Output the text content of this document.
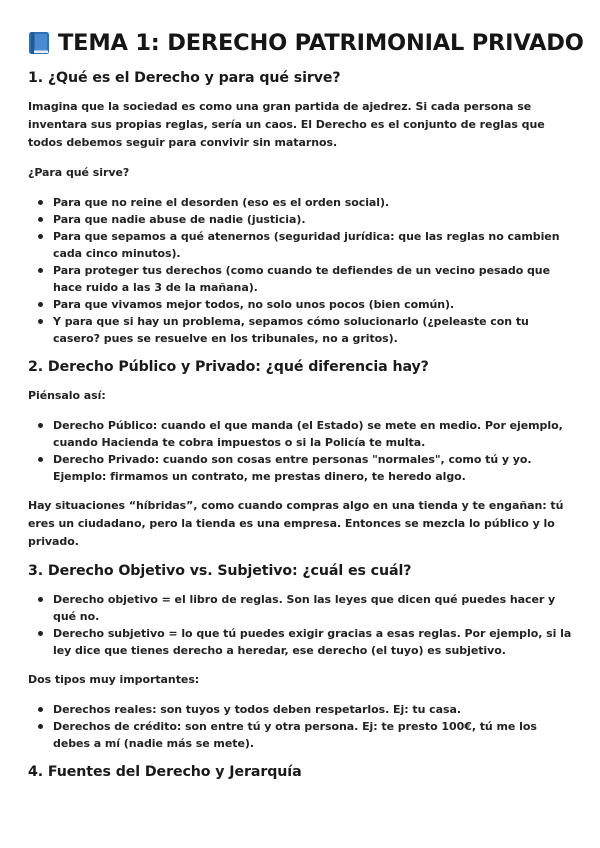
TEMA 1: DERECHO PATRIMONIAL PRIVADO
1. ¿Qué es el Derecho y para qué sirve?

Imagina que la sociedad es como una gran partida de ajedrez. Si cada persona se inventara sus propias reglas, sería un caos. El Derecho es el conjunto de reglas que todos debemos seguir para convivir sin matarnos.

¿Para qué sirve?

Para que no reine el desorden (eso es el orden social).
Para que nadie abuse de nadie (justicia).
Para que sepamos a qué atenernos (seguridad jurídica: que las reglas no cambien cada cinco minutos).
Para proteger tus derechos (como cuando te defiendes de un vecino pesado que hace ruido a las 3 de la mañana).
Para que vivamos mejor todos, no solo unos pocos (bien común).
Y para que si hay un problema, sepamos cómo solucionarlo (¿peleaste con tu casero? pues se resuelve en los tribunales, no a gritos).
2. Derecho Público y Privado: ¿qué diferencia hay?

Piénsalo así:

Derecho Público: cuando el que manda (el Estado) se mete en medio. Por ejemplo, cuando Hacienda te cobra impuestos o si la Policía te multa.
Derecho Privado: cuando son cosas entre personas "normales", como tú y yo. Ejemplo: firmamos un contrato, me prestas dinero, te heredo algo.

Hay situaciones “híbridas”, como cuando compras algo en una tienda y te engañan: tú eres un ciudadano, pero la tienda es una empresa. Entonces se mezcla lo público y lo privado.

3. Derecho Objetivo vs. Subjetivo: ¿cuál es cuál?
Derecho objetivo = el libro de reglas. Son las leyes que dicen qué puedes hacer y qué no.
Derecho subjetivo = lo que tú puedes exigir gracias a esas reglas. Por ejemplo, si la ley dice que tienes derecho a heredar, ese derecho (el tuyo) es subjetivo.

Dos tipos muy importantes:

Derechos reales: son tuyos y todos deben respetarlos. Ej: tu casa.
Derechos de crédito: son entre tú y otra persona. Ej: te presto 100€, tú me los debes a mí (nadie más se mete).
4. Fuentes del Derecho y Jerarquía
